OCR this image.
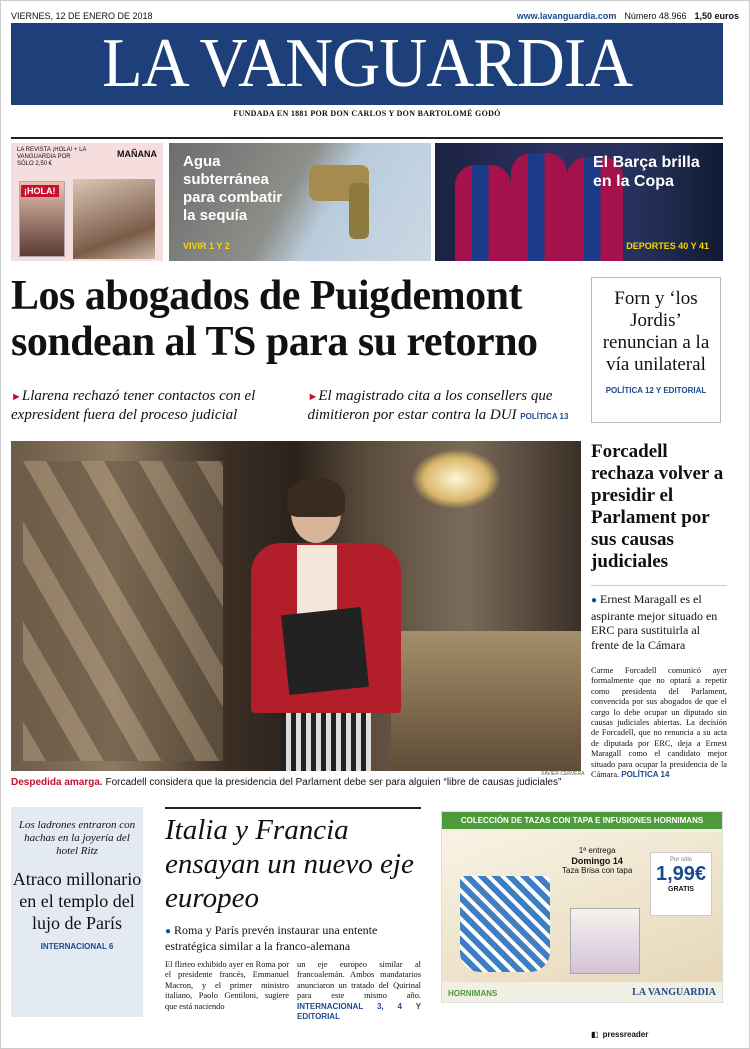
VIERNES, 12 DE ENERO DE 2018	www.lavanguardia.com Número 48.966 1,50 euros
LA VANGUARDIA
FUNDADA EN 1881 POR DON CARLOS Y DON BARTOLOMÉ GODÓ
LA REVISTA ¡HOLA! + LA VANGUARDIA POR SÓLO 2,50 €
MAÑANA
¡HOLA!
Agua subterránea para combatir la sequía
VIVIR 1 Y 2
El Barça brilla en la Copa
DEPORTES 40 Y 41
Los abogados de Puigdemont sondean al TS para su retorno

►Llarena rechazó tener contactos con el expresident fuera del proceso judicial

►El magistrado cita a los consellers que dimitieron por estar contra la DUI POLÍTICA 13

Forn y ‘los Jordis’ renuncian a la vía unilateral

POLÍTICA 12 Y EDITORIAL
XAVIER CERVERA
Despedida amarga. Forcadell considera que la presidencia del Parlament debe ser para alguien “libre de causas judiciales”
Forcadell rechaza volver a presidir el Parlament por sus causas judiciales

● Ernest Maragall es el aspirante mejor situado en ERC para sustituirla al frente de la Cámara

Carme Forcadell comunicó ayer formalmente que no optará a repetir como presidenta del Parlament, convencida por sus abogados de que el cargo lo debe ocupar un diputado sin causas judiciales abiertas. La decisión de Forcadell, que no renuncia a su acta de diputada por ERC, deja a Ernest Maragall como el candidato mejor situado para ocupar la presidencia de la Cámara. POLÍTICA 14

Los ladrones entraron con hachas en la joyería del hotel Ritz

Atraco millonario en el templo del lujo de París
INTERNACIONAL 6
Italia y Francia ensayan un nuevo eje europeo

● Roma y París prevén instaurar una entente estratégica similar a la franco-alemana

El flirteo exhibido ayer en Roma por el presidente francés, Emmanuel Macron, y el primer ministro italiano, Paolo Gentiloni, sugiere que está naciendo
un eje europeo similar al francoalemán. Ambos mandatarios anunciaron un tratado del Quirinal para este mismo año. INTERNACIONAL 3, 4 Y EDITORIAL
COLECCIÓN DE TAZAS CON TAPA E INFUSIONES HORNIMANS
1ª entrega
Domingo 14
Taza Brisa con tapa
Por sólo
1,99€
GRATIS
HORNIMANS	LA VANGUARDIA
◧ pressreader
